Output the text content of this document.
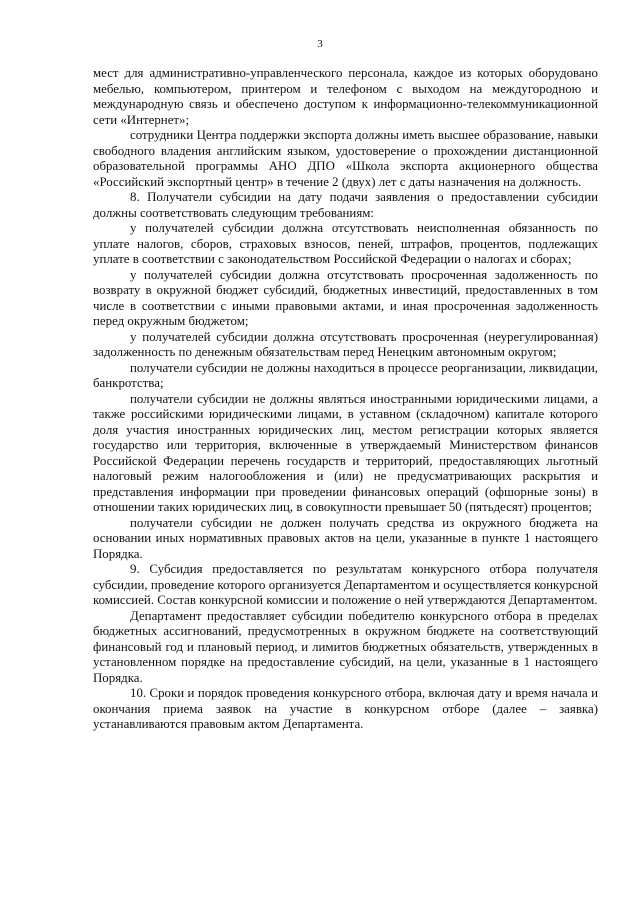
3

мест для административно-управленческого персонала, каждое из которых оборудовано мебелью, компьютером, принтером и телефоном с выходом на междугородною и международную связь и обеспечено доступом к информационно-телекоммуникационной сети «Интернет»;

сотрудники Центра поддержки экспорта должны иметь высшее образование, навыки свободного владения английским языком, удостоверение о прохождении дистанционной образовательной программы АНО ДПО «Школа экспорта акционерного общества «Российский экспортный центр» в течение 2 (двух) лет с даты назначения на должность.

8. Получатели субсидии на дату подачи заявления о предоставлении субсидии должны соответствовать следующим требованиям:

у получателей субсидии должна отсутствовать неисполненная обязанность по уплате налогов, сборов, страховых взносов, пеней, штрафов, процентов, подлежащих уплате в соответствии с законодательством Российской Федерации о налогах и сборах;

у получателей субсидии должна отсутствовать просроченная задолженность по возврату в окружной бюджет субсидий, бюджетных инвестиций, предоставленных в том числе в соответствии с иными правовыми актами, и иная просроченная задолженность перед окружным бюджетом;

у получателей субсидии должна отсутствовать просроченная (неурегулированная) задолженность по денежным обязательствам перед Ненецким автономным округом;

получатели субсидии не должны находиться в процессе реорганизации, ликвидации, банкротства;

получатели субсидии не должны являться иностранными юридическими лицами, а также российскими юридическими лицами, в уставном (складочном) капитале которого доля участия иностранных юридических лиц, местом регистрации которых является государство или территория, включенные в утверждаемый Министерством финансов Российской Федерации перечень государств и территорий, предоставляющих льготный налоговый режим налогообложения и (или) не предусматривающих раскрытия и представления информации при проведении финансовых операций (офшорные зоны) в отношении таких юридических лиц, в совокупности превышает 50 (пятьдесят) процентов;

получатели субсидии не должен получать средства из окружного бюджета на основании иных нормативных правовых актов на цели, указанные в пункте 1 настоящего Порядка.

9. Субсидия предоставляется по результатам конкурсного отбора получателя субсидии, проведение которого организуется Департаментом и осуществляется конкурсной комиссией. Состав конкурсной комиссии и положение о ней утверждаются Департаментом.

Департамент предоставляет субсидии победителю конкурсного отбора в пределах бюджетных ассигнований, предусмотренных в окружном бюджете на соответствующий финансовый год и плановый период, и лимитов бюджетных обязательств, утвержденных в установленном порядке на предоставление субсидий, на цели, указанные в 1 настоящего Порядка.

10. Сроки и порядок проведения конкурсного отбора, включая дату и время начала и окончания приема заявок на участие в конкурсном отборе (далее – заявка) устанавливаются правовым актом Департамента.
